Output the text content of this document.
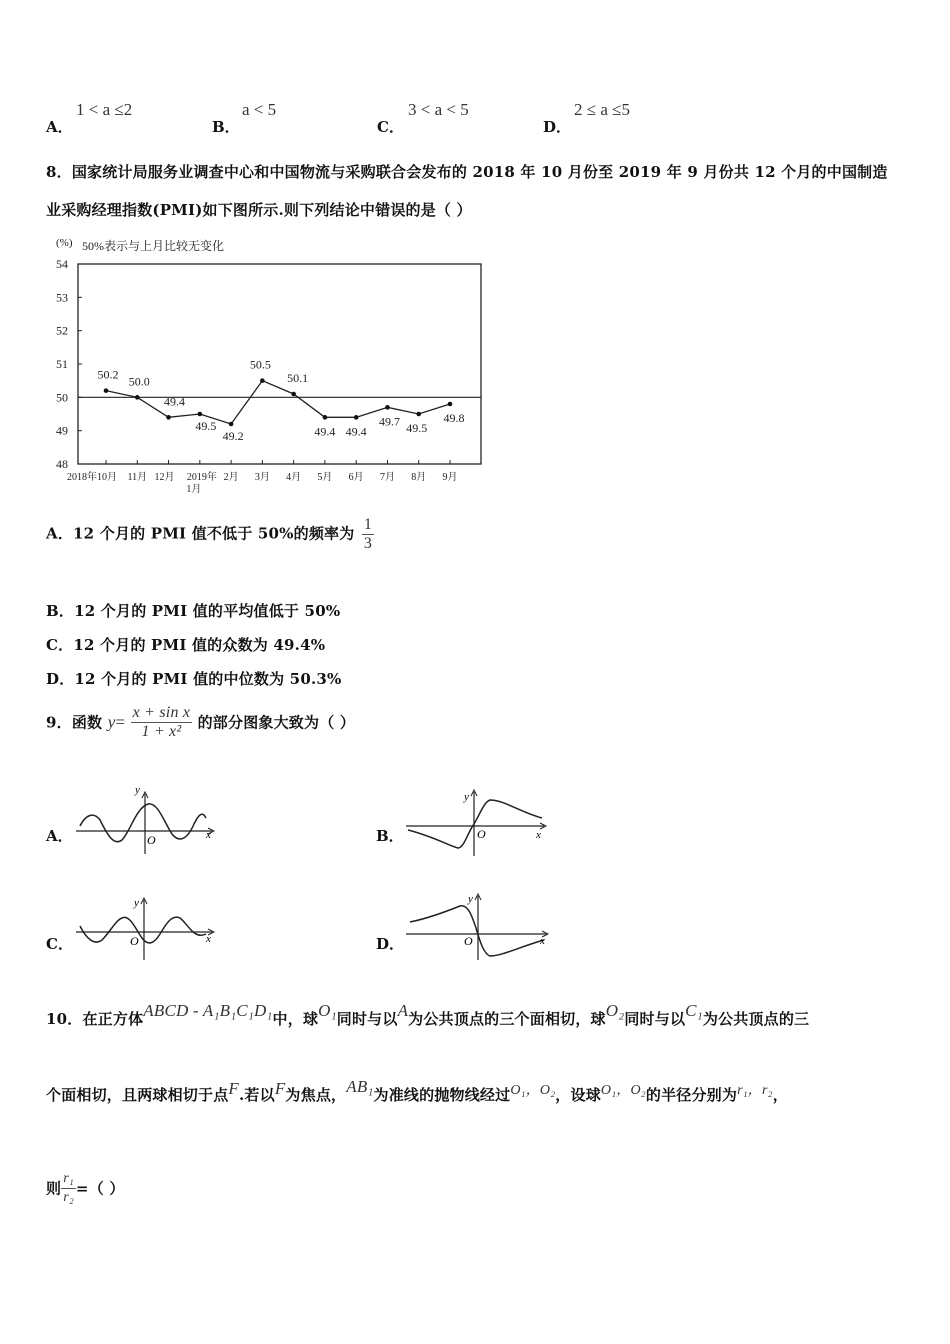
A．
1 < a ≤2
B．
a < 5
C．
3 < a < 5
D．
2 ≤ a ≤5
8．国家统计局服务业调查中心和中国物流与采购联合会发布的 2018 年 10 月份至 2019 年 9 月份共 12 个月的中国制造
业采购经理指数(PMI)如下图所示.则下列结论中错误的是（ ）
(%) 50%表示与上月比较无变化
54
53
52
51
50
49
48
2018年10月 11月 12月 2019年
1月
2月 3月 4月 5月 6月 7月 8月 9月
50.2 50.0
49.4
49.5
49.2
50.5
50.1
49.4 49.4
49.7 49.5
49.8
A．12 个月的 PMI 值不低于 50%的频率为 $\frac{1}{3}$
B．12 个月的 PMI 值的平均值低于 50%
C．12 个月的 PMI 值的众数为 49.4%
D．12 个月的 PMI 值的中位数为 50.3%
9．函数 $y= \frac{\text{x + sin x}}{\text{1 + x²}}$ 的部分图象大致为（ ）
A．
y
O	x	B．
y
O	x
C．
y
O	x	D．
y
O	x
10．在正方体ABCD - A₁B₁C₁D₁中，球O₁同时与以A为公共顶点的三个面相切，球O₂同时与以C₁为公共顶点的三
个面相切，且两球相切于点F.若以F为焦点，AB₁为准线的抛物线经过O₁，O₂，设球O₁，O₂的半径分别为r₁，r₂，
则 $\frac{\text{r₁}}{\text{r₂}}$ =（ ）
